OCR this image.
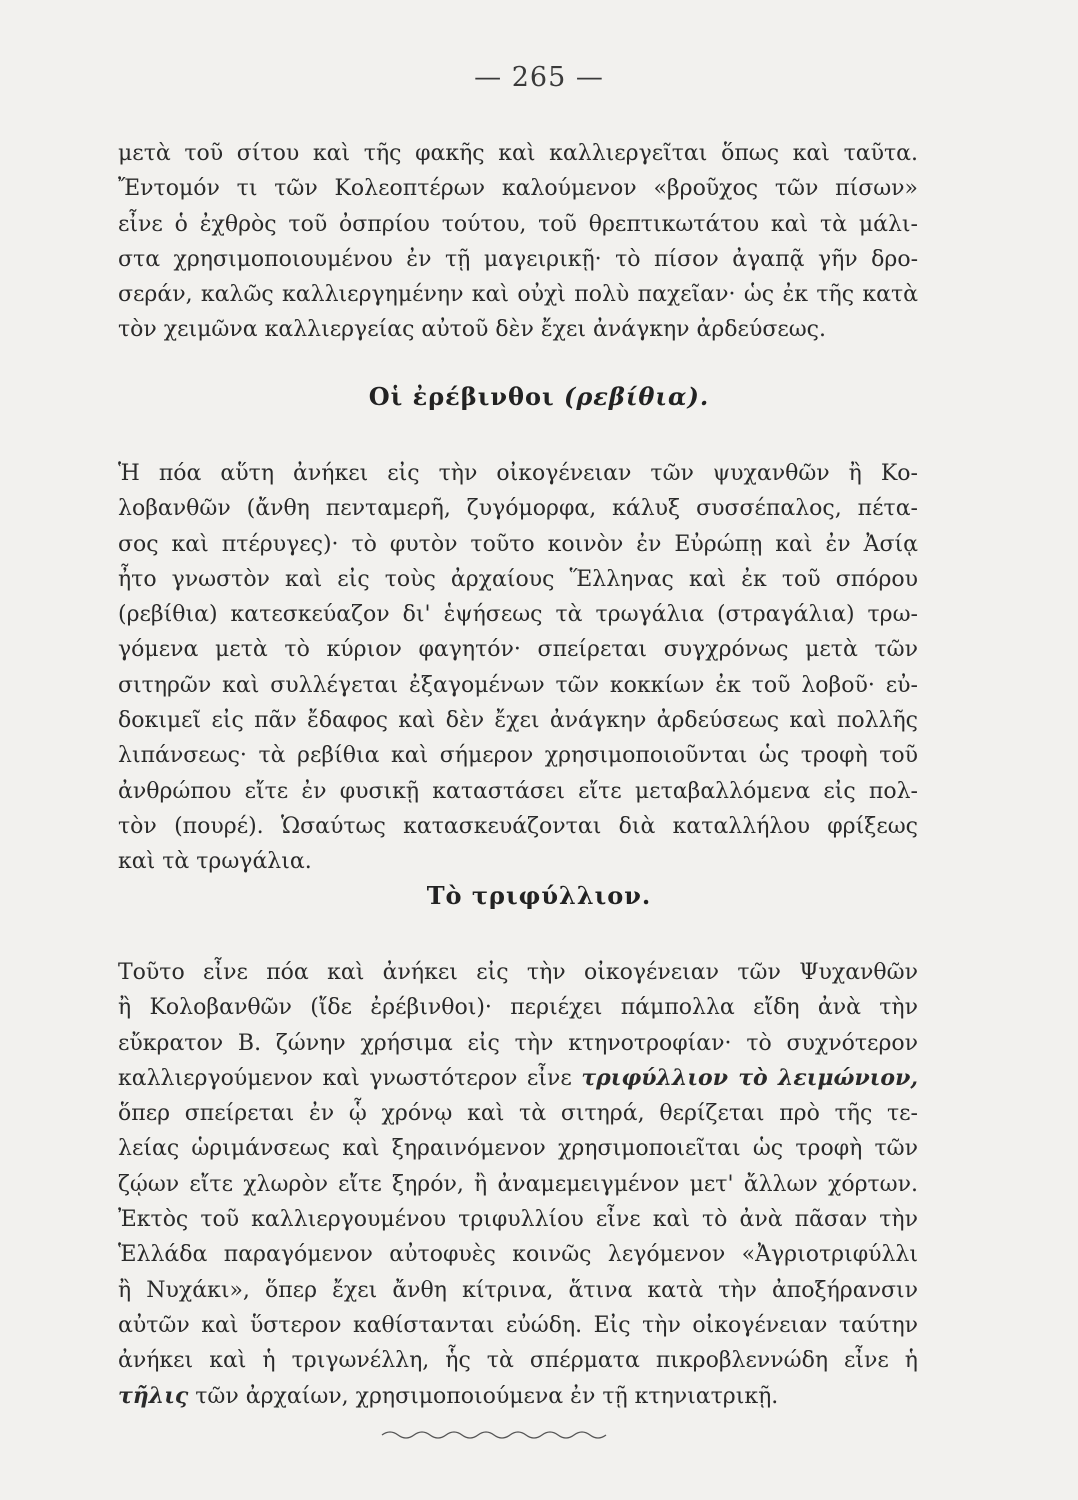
— 265 —
μετὰ τοῦ σίτου καὶ τῆς φακῆς καὶ καλλιεργεῖται ὅπως καὶ ταῦτα.
Ἔντομόν τι τῶν Κολεοπτέρων καλούμενον «βροῦχος τῶν πίσων»
εἶνε ὁ ἐχθρὸς τοῦ ὀσπρίου τούτου, τοῦ θρεπτικωτάτου καὶ τὰ μάλι-
στα χρησιμοποιουμένου ἐν τῇ μαγειρικῇ· τὸ πίσον ἀγαπᾷ γῆν δρο-
σεράν, καλῶς καλλιεργημένην καὶ οὐχὶ πολὺ παχεῖαν· ὡς ἐκ τῆς κατὰ
τὸν χειμῶνα καλλιεργείας αὐτοῦ δὲν ἔχει ἀνάγκην ἀρδεύσεως.
Οἱ ἐρέβινθοι (ρεβίθια).
Ἡ πόα αὕτη ἀνήκει εἰς τὴν οἰκογένειαν τῶν ψυχανθῶν ἢ Κο-
λοβανθῶν (ἄνθη πενταμερῆ, ζυγόμορφα, κάλυξ συσσέπαλος, πέτα-
σος καὶ πτέρυγες)· τὸ φυτὸν τοῦτο κοινὸν ἐν Εὐρώπῃ καὶ ἐν Ἀσίᾳ
ἦτο γνωστὸν καὶ εἰς τοὺς ἀρχαίους Ἕλληνας καὶ ἐκ τοῦ σπόρου
(ρεβίθια) κατεσκεύαζον δι' ἑψήσεως τὰ τρωγάλια (στραγάλια) τρω-
γόμενα μετὰ τὸ κύριον φαγητόν· σπείρεται συγχρόνως μετὰ τῶν
σιτηρῶν καὶ συλλέγεται ἐξαγομένων τῶν κοκκίων ἐκ τοῦ λοβοῦ· εὐ-
δοκιμεῖ εἰς πᾶν ἔδαφος καὶ δὲν ἔχει ἀνάγκην ἀρδεύσεως καὶ πολλῆς
λιπάνσεως· τὰ ρεβίθια καὶ σήμερον χρησιμοποιοῦνται ὡς τροφὴ τοῦ
ἀνθρώπου εἴτε ἐν φυσικῇ καταστάσει εἴτε μεταβαλλόμενα εἰς πολ-
τὸν (πουρέ). Ὡσαύτως κατασκευάζονται διὰ καταλλήλου φρίξεως
καὶ τὰ τρωγάλια.
Τὸ τριφύλλιον.
Τοῦτο εἶνε πόα καὶ ἀνήκει εἰς τὴν οἰκογένειαν τῶν Ψυχανθῶν
ἢ Κολοβανθῶν (ἴδε ἐρέβινθοι)· περιέχει πάμπολλα εἴδη ἀνὰ τὴν
εὔκρατον Β. ζώνην χρήσιμα εἰς τὴν κτηνοτροφίαν· τὸ συχνότερον
καλλιεργούμενον καὶ γνωστότερον εἶνε τριφύλλιον τὸ λειμώνιον,
ὅπερ σπείρεται ἐν ᾧ χρόνῳ καὶ τὰ σιτηρά, θερίζεται πρὸ τῆς τε-
λείας ὡριμάνσεως καὶ ξηραινόμενον χρησιμοποιεῖται ὡς τροφὴ τῶν
ζῴων εἴτε χλωρὸν εἴτε ξηρόν, ἢ ἀναμεμειγμένον μετ' ἄλλων χόρτων.
Ἐκτὸς τοῦ καλλιεργουμένου τριφυλλίου εἶνε καὶ τὸ ἀνὰ πᾶσαν τὴν
Ἑλλάδα παραγόμενον αὐτοφυὲς κοινῶς λεγόμενον «Ἀγριοτριφύλλι
ἢ Νυχάκι», ὅπερ ἔχει ἄνθη κίτρινα, ἅτινα κατὰ τὴν ἀποξήρανσιν
αὐτῶν καὶ ὕστερον καθίστανται εὐώδη. Εἰς τὴν οἰκογένειαν ταύτην
ἀνήκει καὶ ἡ τριγωνέλλη, ἧς τὰ σπέρματα πικροβλεννώδη εἶνε ἡ
τῆλις τῶν ἀρχαίων, χρησιμοποιούμενα ἐν τῇ κτηνιατρικῇ.
